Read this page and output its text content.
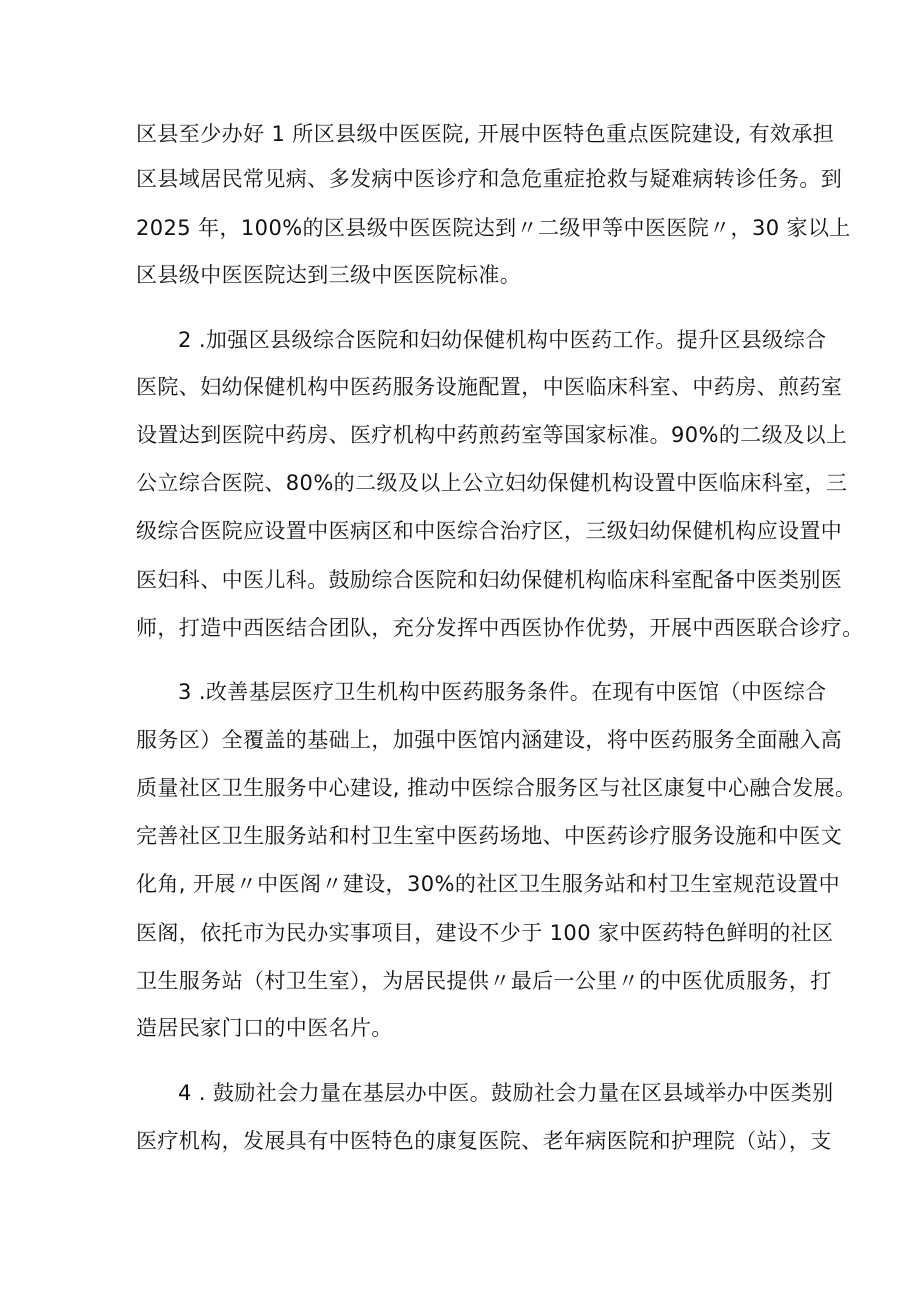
区县至少办好 1 所区县级中医医院, 开展中医特色重点医院建设, 有效承担
区县域居民常见病、多发病中医诊疗和急危重症抢救与疑难病转诊任务。到
2025 年，100%的区县级中医医院达到〃二级甲等中医医院〃，30 家以上
区县级中医医院达到三级中医医院标准。
2 .加强区县级综合医院和妇幼保健机构中医药工作。提升区县级综合
医院、妇幼保健机构中医药服务设施配置，中医临床科室、中药房、煎药室
设置达到医院中药房、医疗机构中药煎药室等国家标准。90%的二级及以上
公立综合医院、80%的二级及以上公立妇幼保健机构设置中医临床科室，三
级综合医院应设置中医病区和中医综合治疗区，三级妇幼保健机构应设置中
医妇科、中医儿科。鼓励综合医院和妇幼保健机构临床科室配备中医类别医
师，打造中西医结合团队，充分发挥中西医协作优势，开展中西医联合诊疗。
3 .改善基层医疗卫生机构中医药服务条件。在现有中医馆（中医综合
服务区）全覆盖的基础上，加强中医馆内涵建设，将中医药服务全面融入高
质量社区卫生服务中心建设, 推动中医综合服务区与社区康复中心融合发展。
完善社区卫生服务站和村卫生室中医药场地、中医药诊疗服务设施和中医文
化角, 开展〃中医阁〃建设，30%的社区卫生服务站和村卫生室规范设置中
医阁，依托市为民办实事项目，建设不少于 100 家中医药特色鲜明的社区
卫生服务站（村卫生室），为居民提供〃最后一公里〃的中医优质服务，打
造居民家门口的中医名片。
4 . 鼓励社会力量在基层办中医。鼓励社会力量在区县域举办中医类别
医疗机构，发展具有中医特色的康复医院、老年病医院和护理院（站），支
